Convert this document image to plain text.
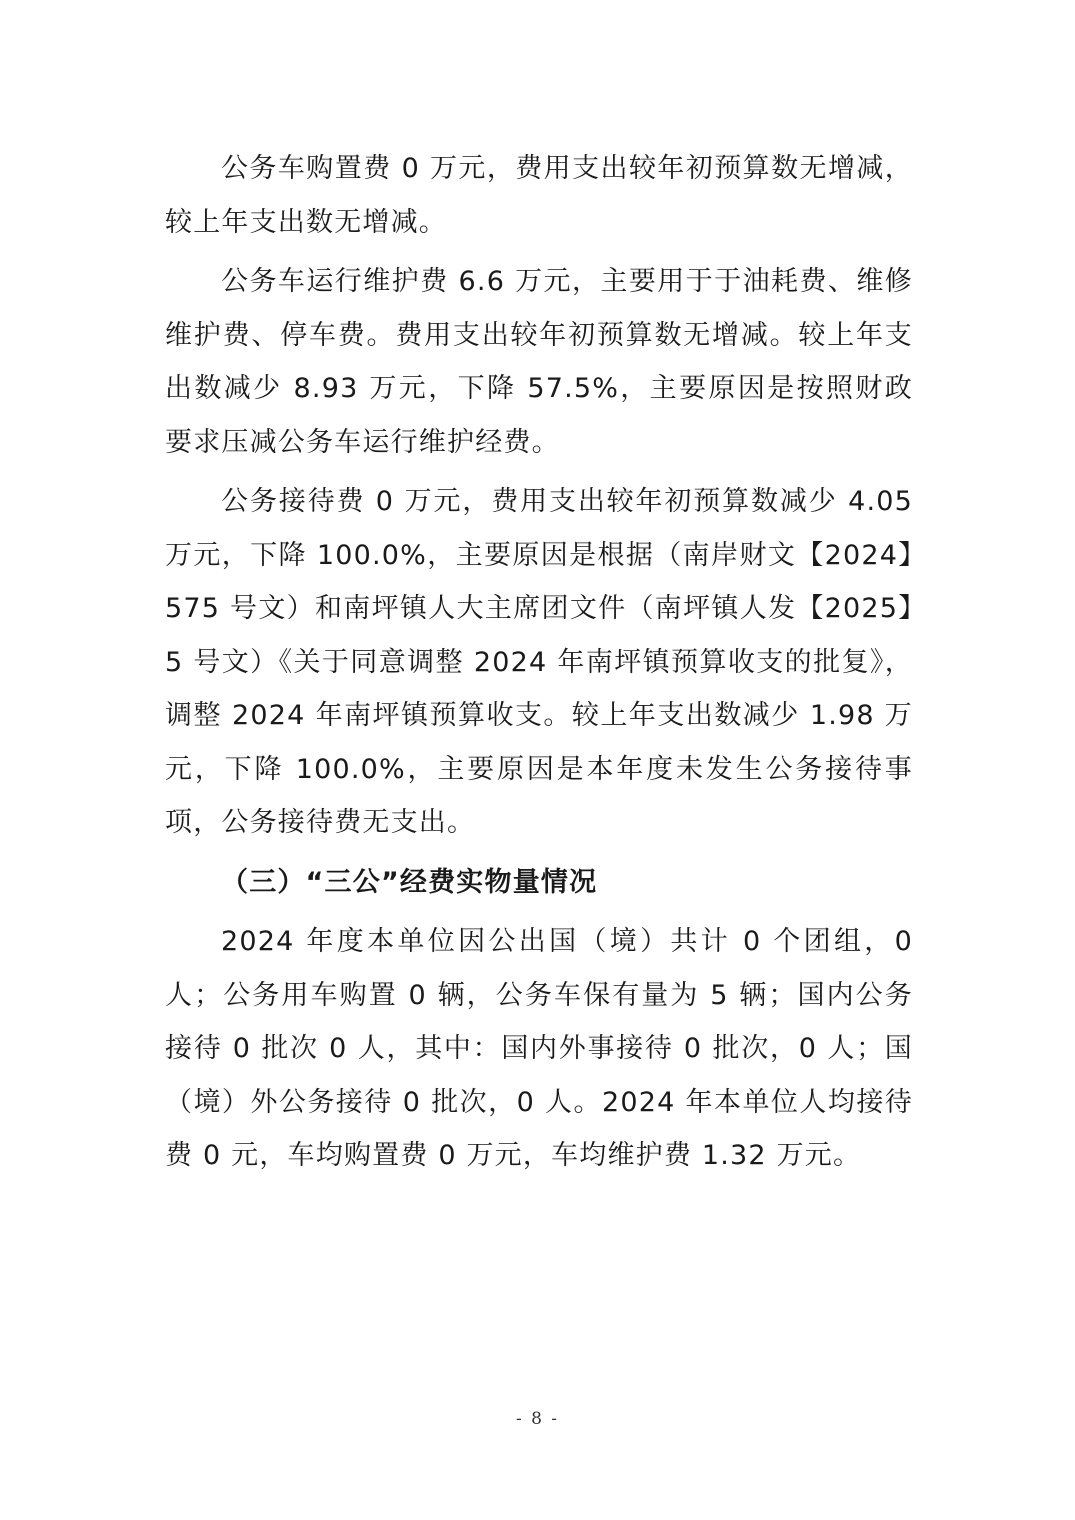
公务车购置费 0 万元，费用支出较年初预算数无增减，较上年支出数无增减。

公务车运行维护费 6.6 万元，主要用于于油耗费、维修维护费、停车费。费用支出较年初预算数无增减。较上年支出数减少 8.93 万元，下降 57.5%，主要原因是按照财政要求压减公务车运行维护经费。

公务接待费 0 万元，费用支出较年初预算数减少 4.05 万元，下降 100.0%，主要原因是根据（南岸财文【2024】575 号文）和南坪镇人大主席团文件（南坪镇人发【2025】5 号文）《关于同意调整 2024 年南坪镇预算收支的批复》，调整 2024 年南坪镇预算收支。较上年支出数减少 1.98 万元，下降 100.0%，主要原因是本年度未发生公务接待事项，公务接待费无支出。

（三）“三公”经费实物量情况

2024 年度本单位因公出国（境）共计 0 个团组，0 人；公务用车购置 0 辆，公务车保有量为 5 辆；国内公务接待 0 批次 0 人，其中：国内外事接待 0 批次，0 人；国（境）外公务接待 0 批次，0 人。2024 年本单位人均接待费 0 元，车均购置费 0 万元，车均维护费 1.32 万元。

- 8 -
